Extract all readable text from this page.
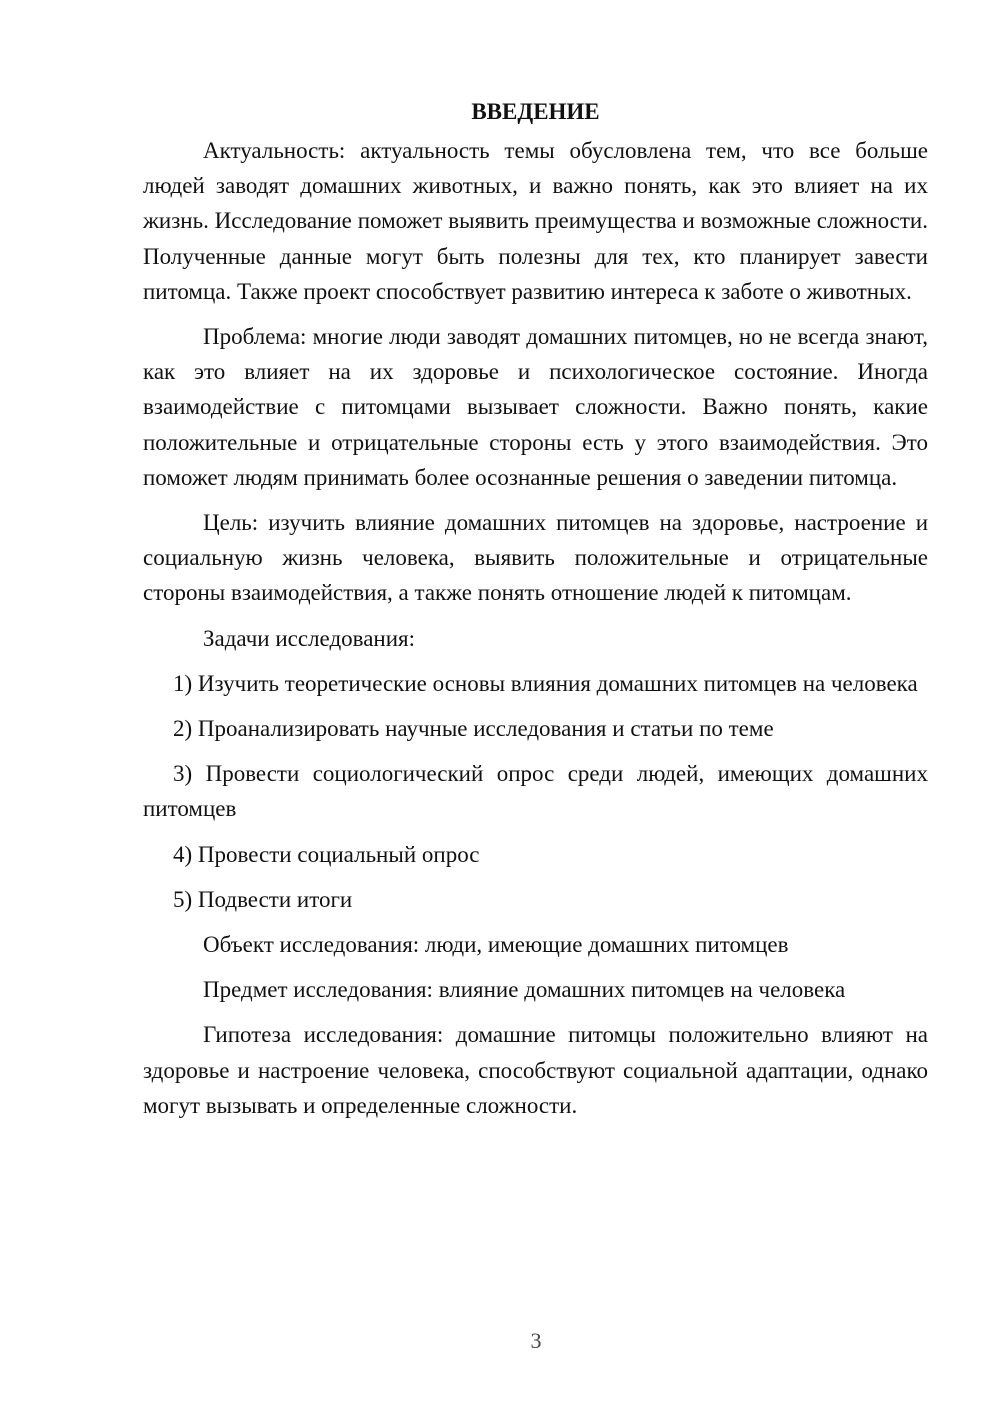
ВВЕДЕНИЕ

Актуальность: актуальность темы обусловлена тем, что все больше людей заводят домашних животных, и важно понять, как это влияет на их жизнь. Исследование поможет выявить преимущества и возможные сложности. Полученные данные могут быть полезны для тех, кто планирует завести питомца. Также проект способствует развитию интереса к заботе о животных.

Проблема: многие люди заводят домашних питомцев, но не всегда знают, как это влияет на их здоровье и психологическое состояние. Иногда взаимодействие с питомцами вызывает сложности. Важно понять, какие положительные и отрицательные стороны есть у этого взаимодействия. Это поможет людям принимать более осознанные решения о заведении питомца.

Цель: изучить влияние домашних питомцев на здоровье, настроение и социальную жизнь человека, выявить положительные и отрицательные стороны взаимодействия, а также понять отношение людей к питомцам.

Задачи исследования:

1) Изучить теоретические основы влияния домашних питомцев на человека

2) Проанализировать научные исследования и статьи по теме

3) Провести социологический опрос среди людей, имеющих домашних питомцев

4) Провести социальный опрос

5) Подвести итоги

Объект исследования: люди, имеющие домашних питомцев

Предмет исследования: влияние домашних питомцев на человека

Гипотеза исследования: домашние питомцы положительно влияют на здоровье и настроение человека, способствуют социальной адаптации, однако могут вызывать и определенные сложности.

3
